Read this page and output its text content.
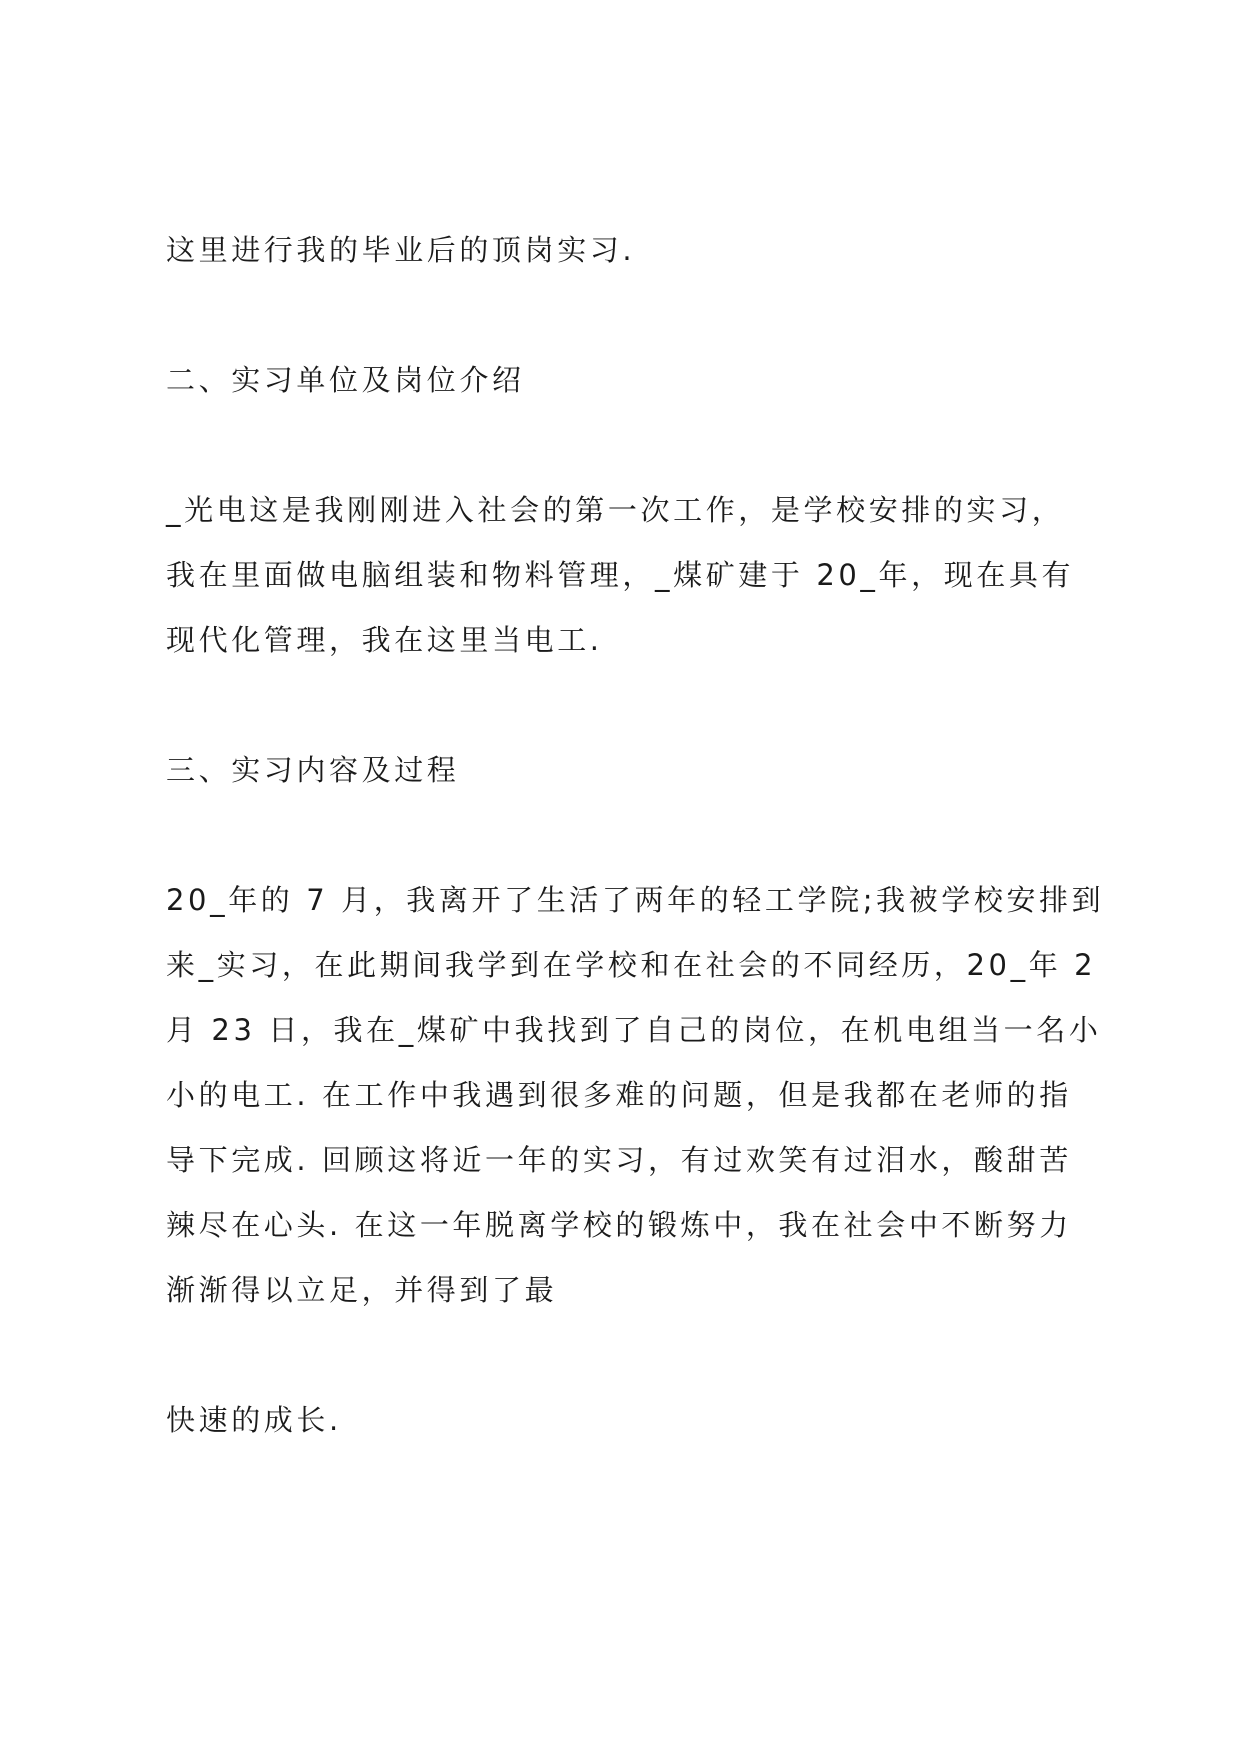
这里进行我的毕业后的顶岗实习.
二、实习单位及岗位介绍
_光电这是我刚刚进入社会的第一次工作，是学校安排的实习，
我在里面做电脑组装和物料管理，_煤矿建于 20_年，现在具有
现代化管理，我在这里当电工.
三、实习内容及过程
20_年的 7 月，我离开了生活了两年的轻工学院;我被学校安排到
来_实习，在此期间我学到在学校和在社会的不同经历，20_年 2
月 23 日，我在_煤矿中我找到了自己的岗位，在机电组当一名小
小的电工. 在工作中我遇到很多难的问题，但是我都在老师的指
导下完成. 回顾这将近一年的实习，有过欢笑有过泪水，酸甜苦
辣尽在心头. 在这一年脱离学校的锻炼中，我在社会中不断努力
渐渐得以立足，并得到了最
快速的成长.
